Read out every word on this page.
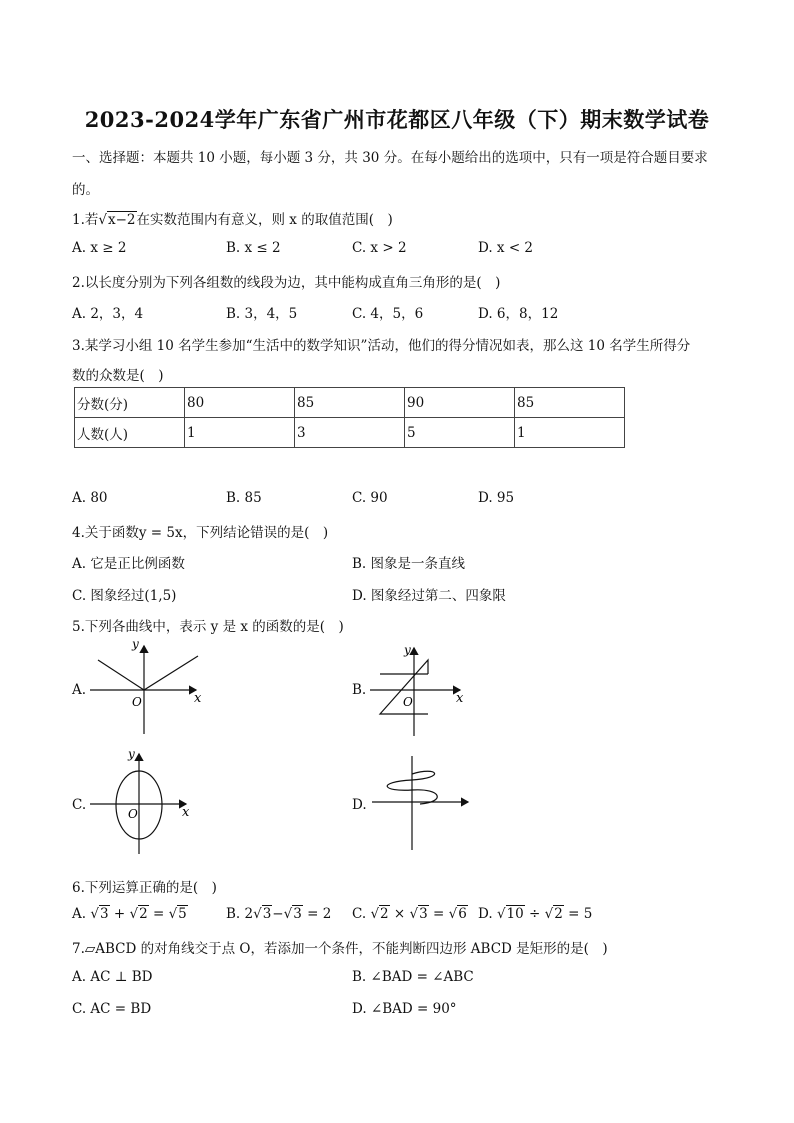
2023-2024学年广东省广州市花都区八年级（下）期末数学试卷
一、选择题：本题共 10 小题，每小题 3 分，共 30 分。在每小题给出的选项中，只有一项是符合题目要求
的。
1.若√x−2在实数范围内有意义，则 x 的取值范围(　)
A. x ≥ 2	B. x ≤ 2	C. x > 2	D. x < 2
2.以长度分别为下列各组数的线段为边，其中能构成直角三角形的是(　)
A. 2，3，4	B. 3，4，5	C. 4，5，6	D. 6，8，12
3.某学习小组 10 名学生参加“生活中的数学知识”活动，他们的得分情况如表，那么这 10 名学生所得分
数的众数是(　)
分数(分)	80	85	90	85
人数(人)	1	3	5	1
A. 80	B. 85	C. 90	D. 95
4.关于函数y = 5x，下列结论错误的是(　)
A. 它是正比例函数	B. 图象是一条直线
C. 图象经过(1,5)	D. 图象经过第二、四象限
5.下列各曲线中，表示 y 是 x 的函数的是(　)
A.
y
x
O
B.
y
x
O
C.
y
x
O
D.
6.下列运算正确的是(　)
A. √3 + √2 = √5	B. 2√3−√3 = 2 C. √2 × √3 = √6 D. √10 ÷ √2 = 5
7.▱ABCD 的对角线交于点 O，若添加一个条件，不能判断四边形 ABCD 是矩形的是(　)
A. AC ⊥ BD	B. ∠BAD = ∠ABC
C. AC = BD	D. ∠BAD = 90°
